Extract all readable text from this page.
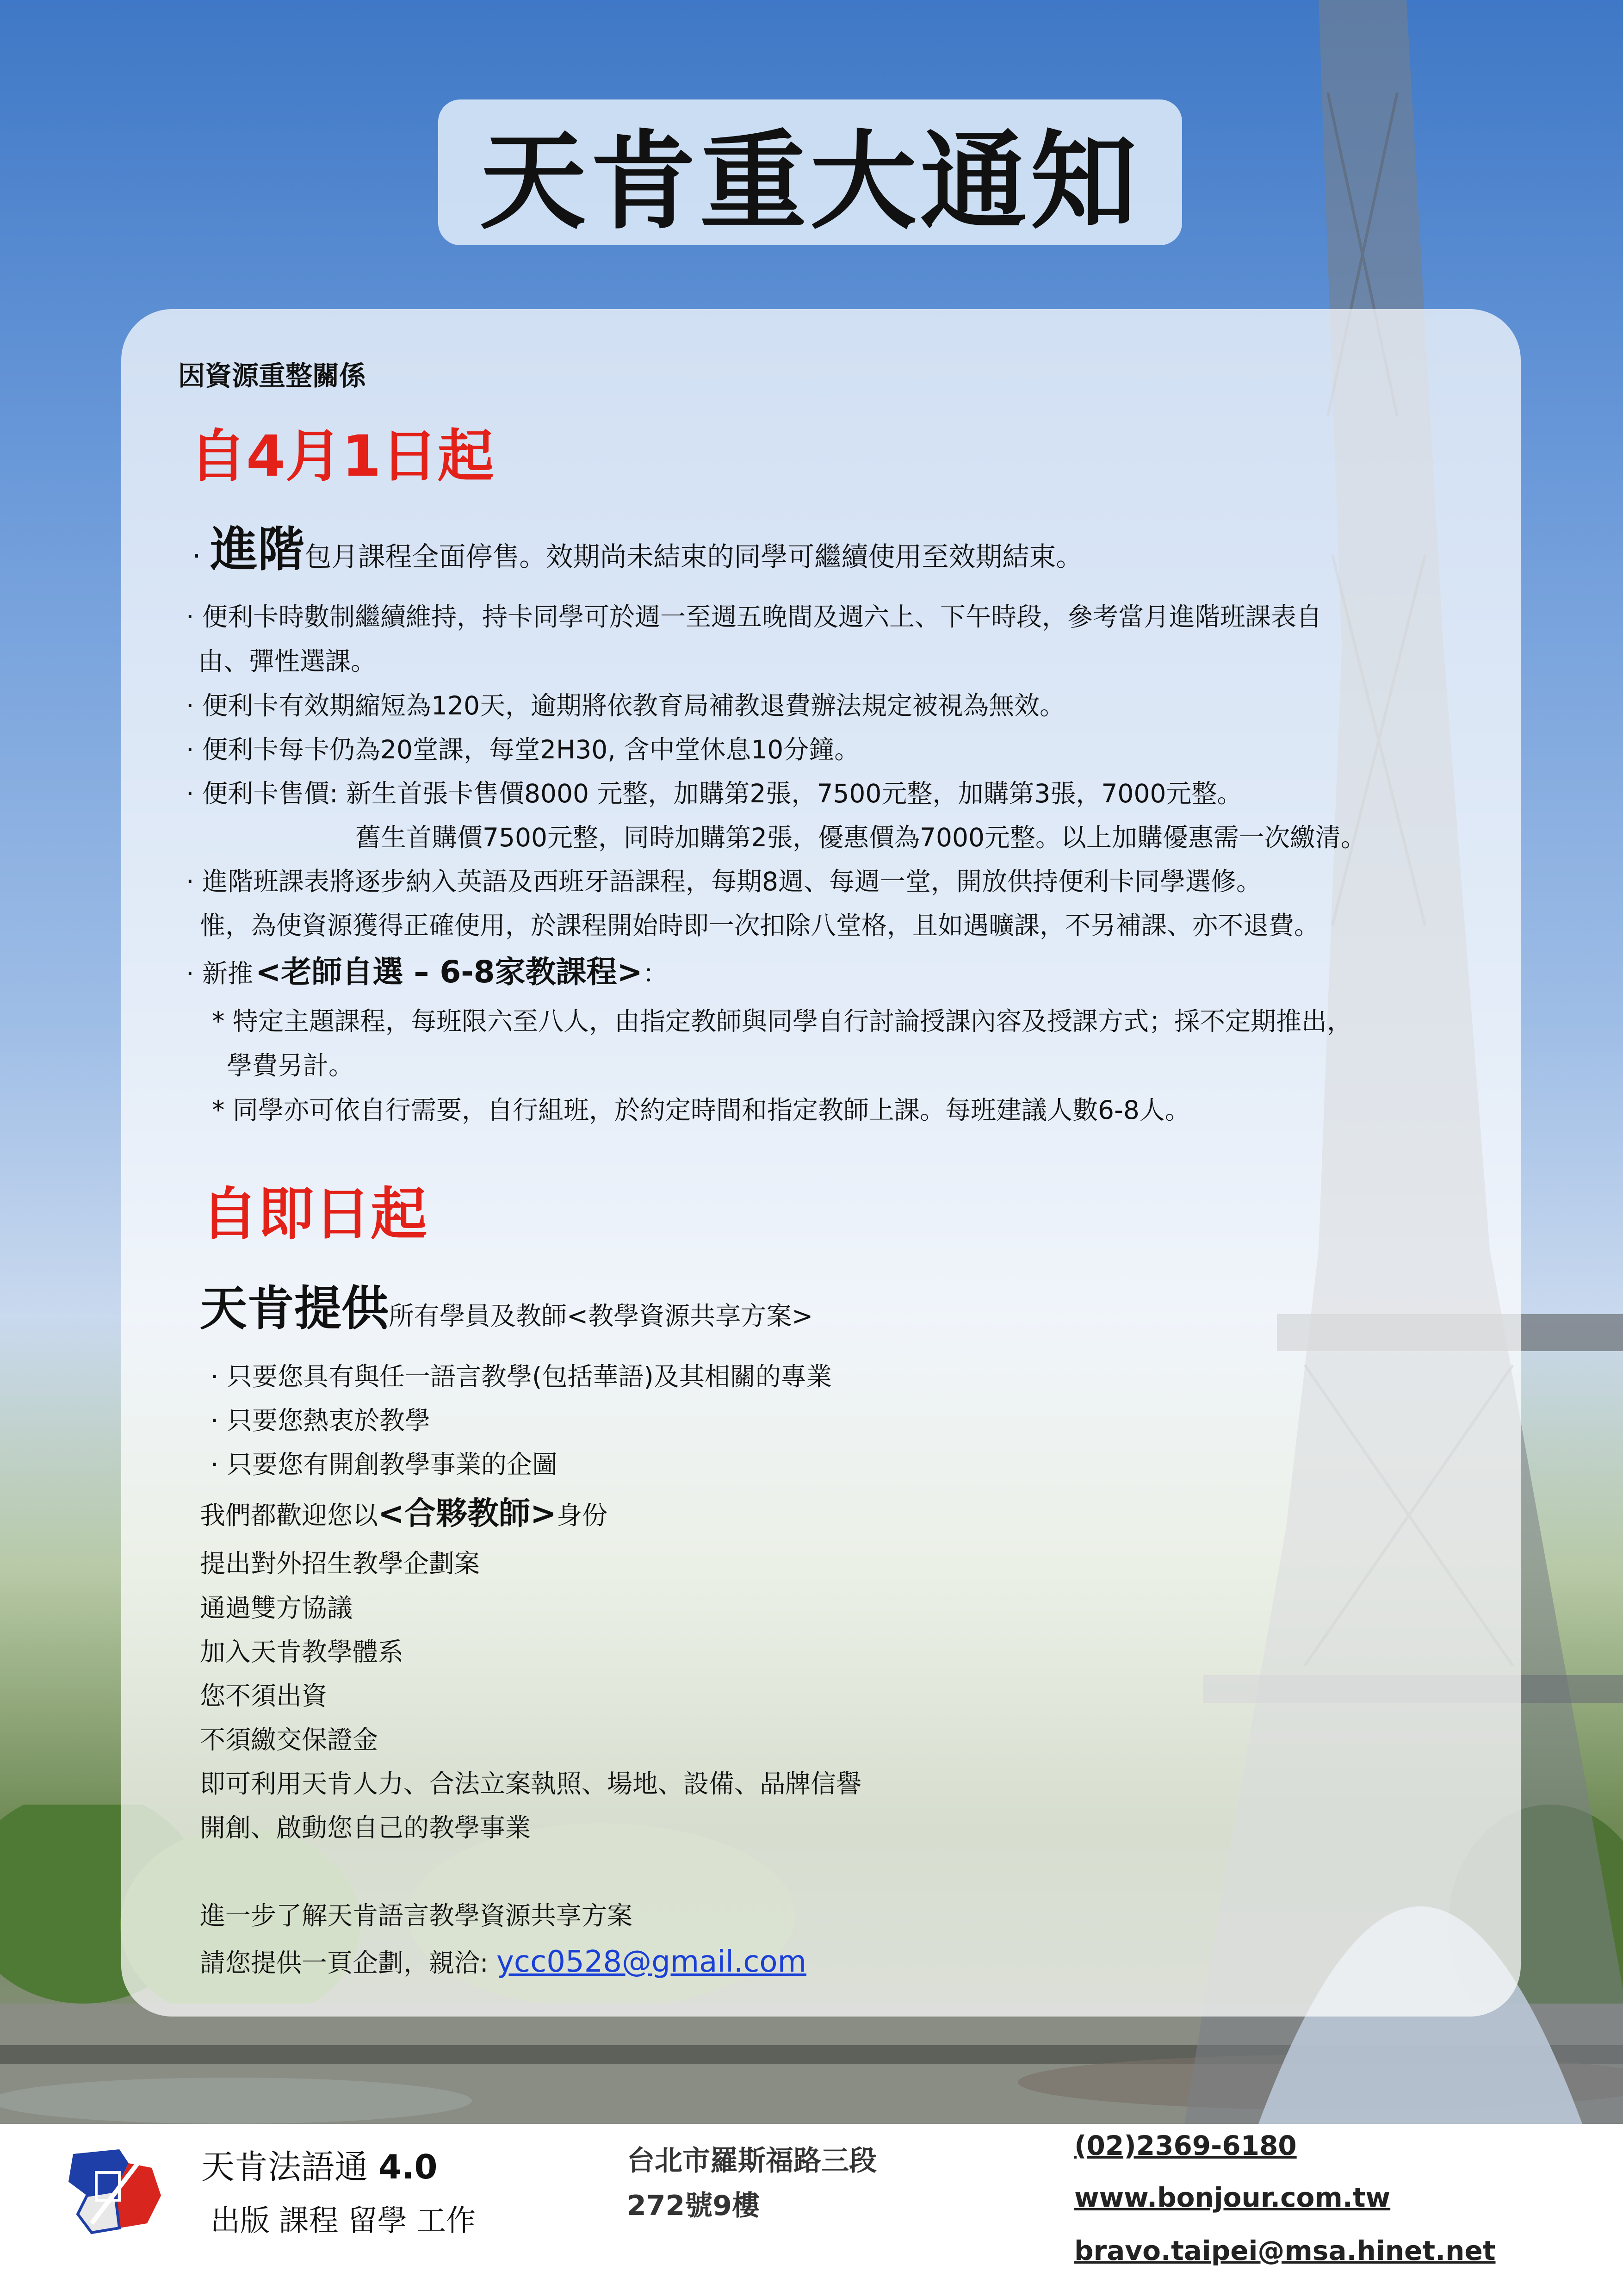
天肯重大通知
因資源重整關係
自4月1日起
· 進階包月課程全面停售。效期尚未結束的同學可繼續使用至效期結束。
· 便利卡時數制繼續維持，持卡同學可於週一至週五晚間及週六上、下午時段，參考當月進階班課表自
由、彈性選課。
· 便利卡有效期縮短為120天，逾期將依教育局補教退費辦法規定被視為無效。
· 便利卡每卡仍為20堂課，每堂2H30, 含中堂休息10分鐘。
· 便利卡售價: 新生首張卡售價8000 元整，加購第2張，7500元整，加購第3張，7000元整。
舊生首購價7500元整，同時加購第2張，優惠價為7000元整。以上加購優惠需一次繳清。
· 進階班課表將逐步納入英語及西班牙語課程，每期8週、每週一堂，開放供持便利卡同學選修。
惟，為使資源獲得正確使用，於課程開始時即一次扣除八堂格，且如遇曠課，不另補課、亦不退費。
· 新推 <老師自選 – 6-8家教課程>：
* 特定主題課程，每班限六至八人，由指定教師與同學自行討論授課內容及授課方式；採不定期推出，
學費另計。
* 同學亦可依自行需要，自行組班，於約定時間和指定教師上課。每班建議人數6-8人。
自即日起
天肯提供所有學員及教師<教學資源共享方案>
· 只要您具有與任一語言教學(包括華語)及其相關的專業
· 只要您熱衷於教學
· 只要您有開創教學事業的企圖
我們都歡迎您以<合夥教師>身份
提出對外招生教學企劃案
通過雙方協議
加入天肯教學體系
您不須出資
不須繳交保證金
即可利用天肯人力、合法立案執照、場地、設備、品牌信譽
開創、啟動您自己的教學事業
進一步了解天肯語言教學資源共享方案
請您提供一頁企劃，親洽: ycc0528@gmail.com
天肯法語通 4.0
出版 課程 留學 工作
台北市羅斯福路三段
272號9樓
(02)2369-6180
www.bonjour.com.tw
bravo.taipei@msa.hinet.net
